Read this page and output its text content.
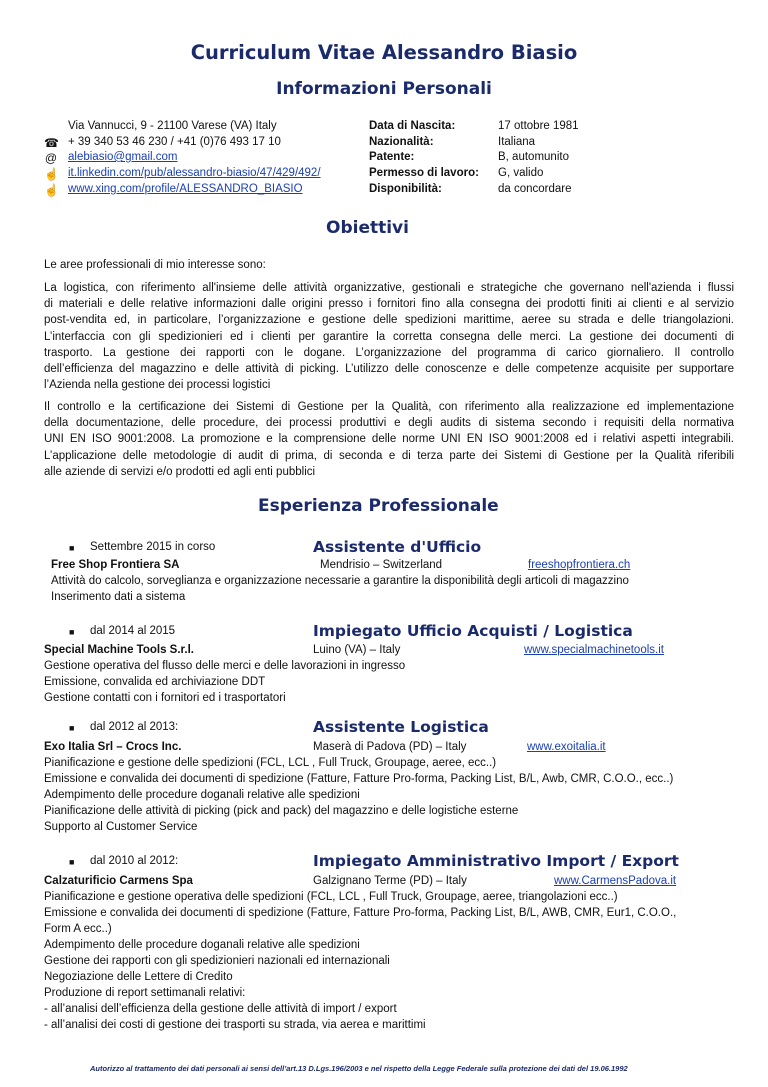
Curriculum Vitae Alessandro Biasio
Informazioni Personali
Via Vannucci, 9 - 21100 Varese (VA) Italy
☎ + 39 340 53 46 230 / +41 (0)76 493 17 10
@ alebiasio@gmail.com
☝ it.linkedin.com/pub/alessandro-biasio/47/429/492/
☝ www.xing.com/profile/ALESSANDRO_BIASIO
Data di Nascita:	17 ottobre 1981
Nazionalità:	Italiana
Patente:	B, automunito
Permesso di lavoro: G, valido
Disponibilità:	da concordare
Obiettivi
Le aree professionali di mio interesse sono:
La logistica, con riferimento all'insieme delle attività organizzative, gestionali e strategiche che governano nell'azienda i flussi
di materiali e delle relative informazioni dalle origini presso i fornitori fino alla consegna dei prodotti finiti ai clienti e al servizio
post-vendita ed, in particolare, l’organizzazione e gestione delle spedizioni marittime, aeree su strada e delle triangolazioni.
L’interfaccia con gli spedizionieri ed i clienti per garantire la corretta consegna delle merci. La gestione dei documenti di
trasporto. La gestione dei rapporti con le dogane. L’organizzazione del programma di carico giornaliero. Il controllo
dell’efficienza del magazzino e delle attività di picking. L’utilizzo delle conoscenze e delle competenze acquisite per supportare
l’Azienda nella gestione dei processi logistici
Il controllo e la certificazione dei Sistemi di Gestione per la Qualità, con riferimento alla realizzazione ed implementazione
della documentazione, delle procedure, dei processi produttivi e degli audits di sistema secondo i requisiti della normativa
UNI EN ISO 9001:2008. La promozione e la comprensione delle norme UNI EN ISO 9001:2008 ed i relativi aspetti integrabili.
L’applicazione delle metodologie di audit di prima, di seconda e di terza parte dei Sistemi di Gestione per la Qualità riferibili
alle aziende di servizi e/o prodotti ed agli enti pubblici
Esperienza Professionale
■ Settembre 2015 in corso	Assistente d'Ufficio
Free Shop Frontiera SA	Mendrisio – Switzerland	freeshopfrontiera.ch
Attività do calcolo, sorveglianza e organizzazione necessarie a garantire la disponibilità degli articoli di magazzino
Inserimento dati a sistema
■ dal 2014 al 2015	Impiegato Ufficio Acquisti / Logistica
Special Machine Tools S.r.l.	Luino (VA) – Italy	www.specialmachinetools.it
Gestione operativa del flusso delle merci e delle lavorazioni in ingresso
Emissione, convalida ed archiviazione DDT
Gestione contatti con i fornitori ed i trasportatori
■ dal 2012 al 2013:	Assistente Logistica
Exo Italia Srl – Crocs Inc.	Maserà di Padova (PD) – Italy	www.exoitalia.it
Pianificazione e gestione delle spedizioni (FCL, LCL , Full Truck, Groupage, aeree, ecc..)
Emissione e convalida dei documenti di spedizione (Fatture, Fatture Pro-forma, Packing List, B/L, Awb, CMR, C.O.O., ecc..)
Adempimento delle procedure doganali relative alle spedizioni
Pianificazione delle attività di picking (pick and pack) del magazzino e delle logistiche esterne
Supporto al Customer Service
■ dal 2010 al 2012:	Impiegato Amministrativo Import / Export
Calzaturificio Carmens Spa	Galzignano Terme (PD) – Italy	www.CarmensPadova.it
Pianificazione e gestione operativa delle spedizioni (FCL, LCL , Full Truck, Groupage, aeree, triangolazioni ecc..)
Emissione e convalida dei documenti di spedizione (Fatture, Fatture Pro-forma, Packing List, B/L, AWB, CMR, Eur1, C.O.O.,
Form A ecc..)
Adempimento delle procedure doganali relative alle spedizioni
Gestione dei rapporti con gli spedizionieri nazionali ed internazionali
Negoziazione delle Lettere di Credito
Produzione di report settimanali relativi:
- all’analisi dell’efficienza della gestione delle attività di import / export
- all’analisi dei costi di gestione dei trasporti su strada, via aerea e marittimi
Autorizzo al trattamento dei dati personali ai sensi dell’art.13 D.Lgs.196/2003 e nel rispetto della Legge Federale sulla protezione dei dati del 19.06.1992
